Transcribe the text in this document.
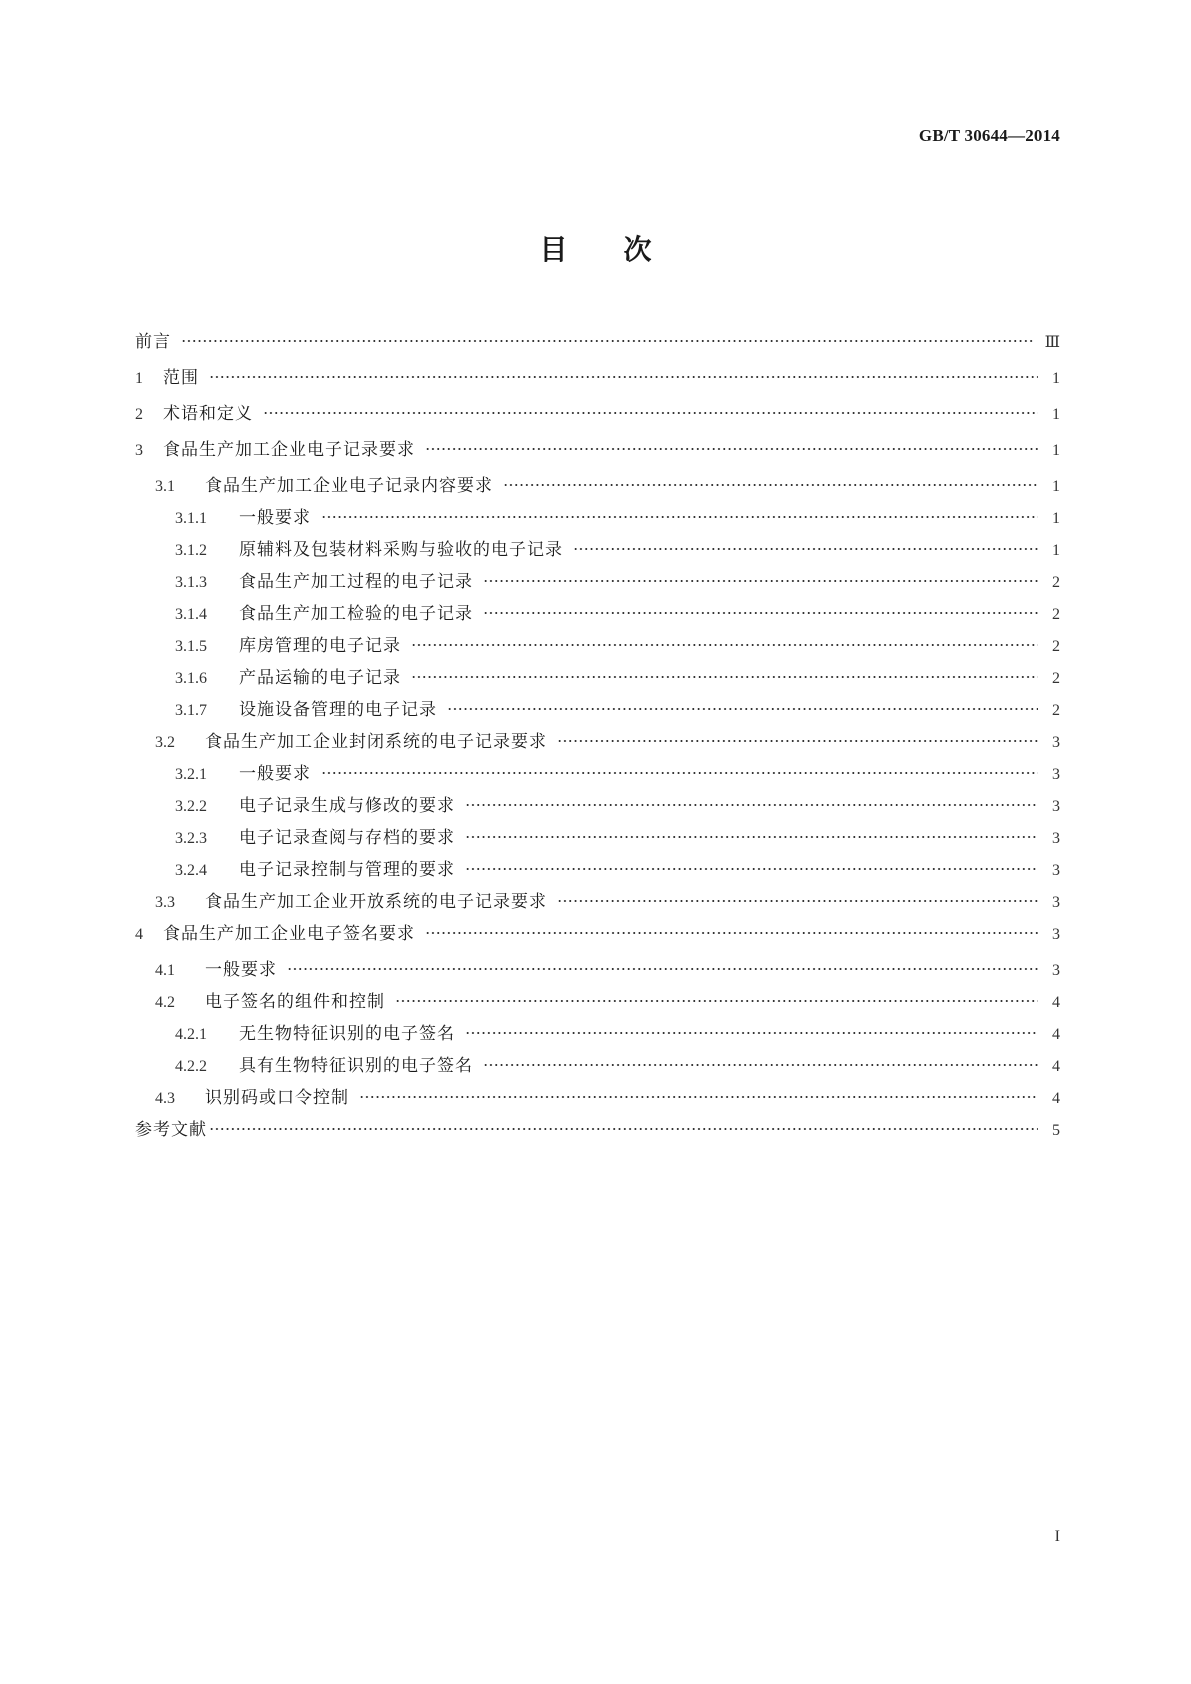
GB/T 30644—2014
目次
前言	Ⅲ
1	范围	1
2	术语和定义	1
3	食品生产加工企业电子记录要求	1
3.1	食品生产加工企业电子记录内容要求	1
3.1.1	一般要求	1
3.1.2	原辅料及包装材料采购与验收的电子记录	1
3.1.3	食品生产加工过程的电子记录	2
3.1.4	食品生产加工检验的电子记录	2
3.1.5	库房管理的电子记录	2
3.1.6	产品运输的电子记录	2
3.1.7	设施设备管理的电子记录	2
3.2	食品生产加工企业封闭系统的电子记录要求	3
3.2.1	一般要求	3
3.2.2	电子记录生成与修改的要求	3
3.2.3	电子记录查阅与存档的要求	3
3.2.4	电子记录控制与管理的要求	3
3.3	食品生产加工企业开放系统的电子记录要求	3
4	食品生产加工企业电子签名要求	3
4.1	一般要求	3
4.2	电子签名的组件和控制	4
4.2.1	无生物特征识别的电子签名	4
4.2.2	具有生物特征识别的电子签名	4
4.3	识别码或口令控制	4
参考文献	5
I
